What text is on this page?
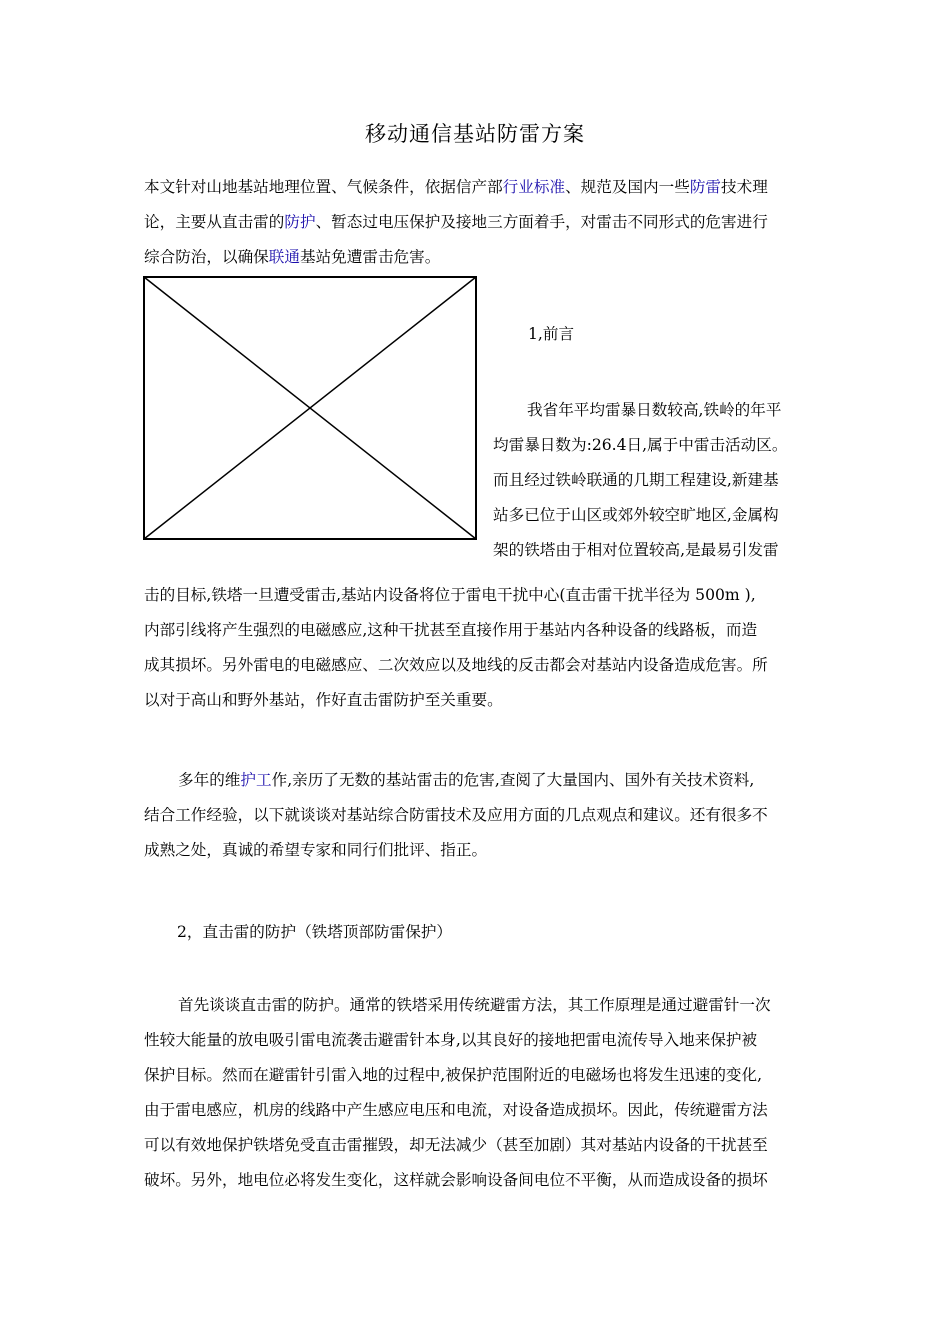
移动通信基站防雷方案
本文针对山地基站地理位置、气候条件，依据信产部行业标准、规范及国内一些防雷技术理
论，主要从直击雷的防护、暂态过电压保护及接地三方面着手，对雷击不同形式的危害进行
综合防治，以确保联通基站免遭雷击危害。
1,前言
我省年平均雷暴日数较高,铁岭的年平
均雷暴日数为:26.4日,属于中雷击活动区。
而且经过铁岭联通的几期工程建设,新建基
站多已位于山区或郊外较空旷地区,金属构
架的铁塔由于相对位置较高,是最易引发雷
击的目标,铁塔一旦遭受雷击,基站内设备将位于雷电干扰中心(直击雷干扰半径为 500m ),
内部引线将产生强烈的电磁感应,这种干扰甚至直接作用于基站内各种设备的线路板，而造
成其损坏。另外雷电的电磁感应、二次效应以及地线的反击都会对基站内设备造成危害。所
以对于高山和野外基站，作好直击雷防护至关重要。
多年的维护工作,亲历了无数的基站雷击的危害,查阅了大量国内、国外有关技术资料,
结合工作经验，以下就谈谈对基站综合防雷技术及应用方面的几点观点和建议。还有很多不
成熟之处，真诚的希望专家和同行们批评、指正。
2，直击雷的防护（铁塔顶部防雷保护）
首先谈谈直击雷的防护。通常的铁塔采用传统避雷方法，其工作原理是通过避雷针一次
性较大能量的放电吸引雷电流袭击避雷针本身,以其良好的接地把雷电流传导入地来保护被
保护目标。然而在避雷针引雷入地的过程中,被保护范围附近的电磁场也将发生迅速的变化,
由于雷电感应，机房的线路中产生感应电压和电流，对设备造成损坏。因此，传统避雷方法
可以有效地保护铁塔免受直击雷摧毁，却无法减少（甚至加剧）其对基站内设备的干扰甚至
破坏。另外，地电位必将发生变化，这样就会影响设备间电位不平衡，从而造成设备的损坏
